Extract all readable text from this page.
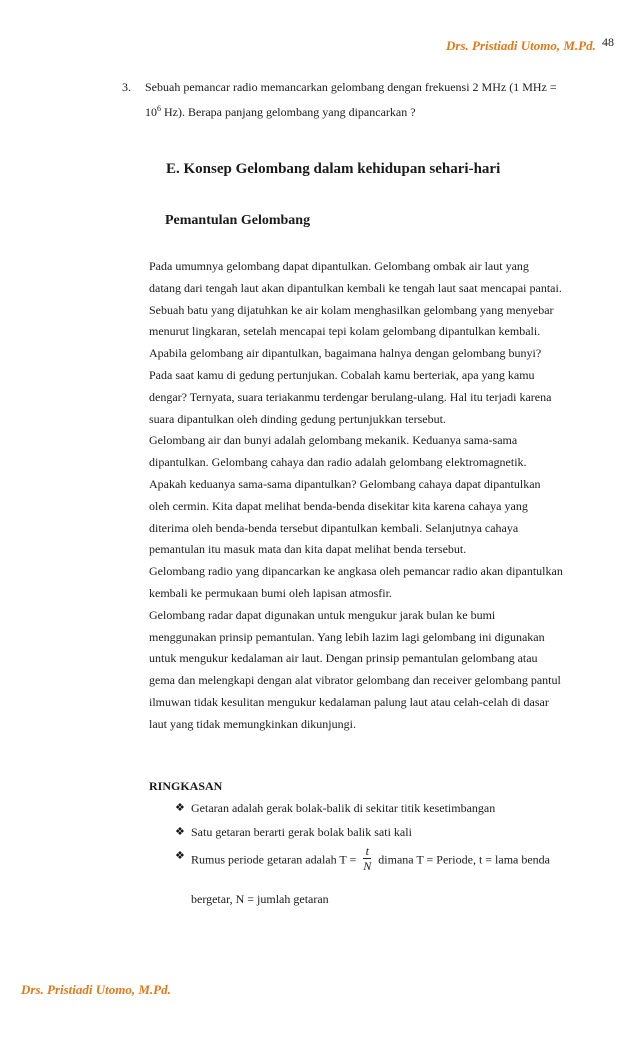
Drs. Pristiadi Utomo, M.Pd. 48
3. Sebuah pemancar radio memancarkan gelombang dengan frekuensi 2 MHz (1 MHz =
$10^6$ Hz). Berapa panjang gelombang yang dipancarkan ?
E. Konsep Gelombang dalam kehidupan sehari-hari
Pemantulan Gelombang
Pada umumnya gelombang dapat dipantulkan. Gelombang ombak air laut yang
datang dari tengah laut akan dipantulkan kembali ke tengah laut saat mencapai pantai.
Sebuah batu yang dijatuhkan ke air kolam menghasilkan gelombang yang menyebar
menurut lingkaran, setelah mencapai tepi kolam gelombang dipantulkan kembali.
Apabila gelombang air dipantulkan, bagaimana halnya dengan gelombang bunyi?
Pada saat kamu di gedung pertunjukan. Cobalah kamu berteriak, apa yang kamu
dengar? Ternyata, suara teriakanmu terdengar berulang-ulang. Hal itu terjadi karena
suara dipantulkan oleh dinding gedung pertunjukkan tersebut.
Gelombang air dan bunyi adalah gelombang mekanik. Keduanya sama-sama
dipantulkan. Gelombang cahaya dan radio adalah gelombang elektromagnetik.
Apakah keduanya sama-sama dipantulkan? Gelombang cahaya dapat dipantulkan
oleh cermin. Kita dapat melihat benda-benda disekitar kita karena cahaya yang
diterima oleh benda-benda tersebut dipantulkan kembali. Selanjutnya cahaya
pemantulan itu masuk mata dan kita dapat melihat benda tersebut.
Gelombang radio yang dipancarkan ke angkasa oleh pemancar radio akan dipantulkan
kembali ke permukaan bumi oleh lapisan atmosfir.
Gelombang radar dapat digunakan untuk mengukur jarak bulan ke bumi
menggunakan prinsip pemantulan. Yang lebih lazim lagi gelombang ini digunakan
untuk mengukur kedalaman air laut. Dengan prinsip pemantulan gelombang atau
gema dan melengkapi dengan alat vibrator gelombang dan receiver gelombang pantul
ilmuwan tidak kesulitan mengukur kedalaman palung laut atau celah-celah di dasar
laut yang tidak memungkinkan dikunjungi.
RINGKASAN
❖ Getaran adalah gerak bolak-balik di sekitar titik kesetimbangan
❖ Satu getaran berarti gerak bolak balik sati kali
❖ Rumus periode getaran adalah $T = \frac{t}{N}$ dimana T = Periode, t = lama benda
bergetar, N = jumlah getaran
Drs. Pristiadi Utomo, M.Pd.
